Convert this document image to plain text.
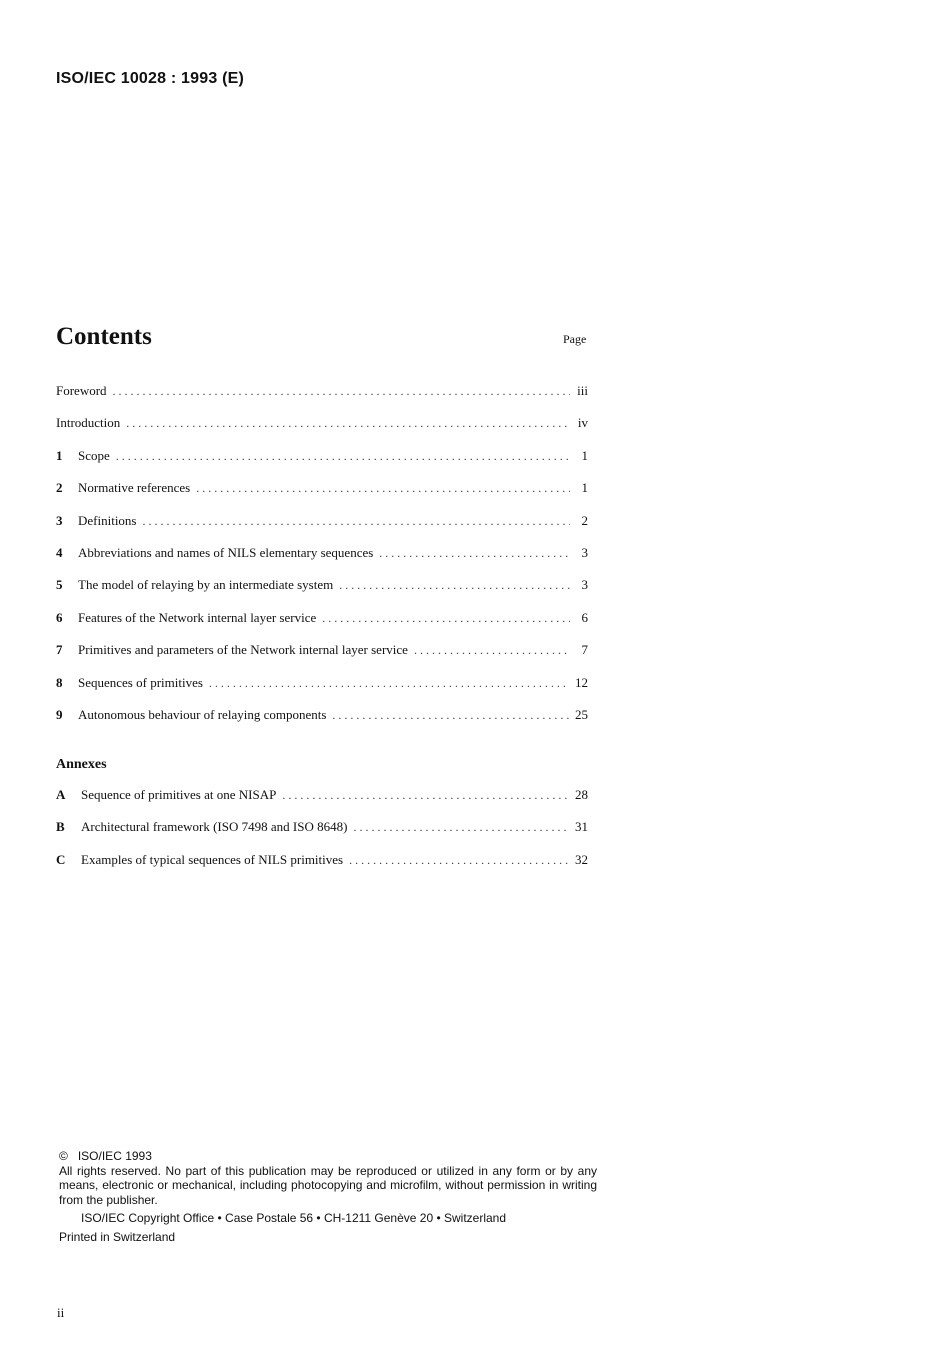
ISO/IEC 10028 : 1993 (E)
Contents	Page
Foreword .....	iii
Introduction .....	iv
1	Scope .....	1
2	Normative references .....	1
3	Definitions .....	2
4	Abbreviations and names of NILS elementary sequences .....	3
5	The model of relaying by an intermediate system .....	3
6	Features of the Network internal layer service .....	6
7	Primitives and parameters of the Network internal layer service .....	7
8	Sequences of primitives .....	12
9	Autonomous behaviour of relaying components .....	25
Annexes
A	Sequence of primitives at one NISAP .....	28
B	Architectural framework (ISO 7498 and ISO 8648) .....	31
C	Examples of typical sequences of NILS primitives .....	32

© ISO/IEC 1993

All rights reserved. No part of this publication may be reproduced or utilized in any form or by any means, electronic or mechanical, including photocopying and microfilm, without permission in writing from the publisher.

ISO/IEC Copyright Office • Case Postale 56 • CH-1211 Genève 20 • Switzerland

Printed in Switzerland

ii
